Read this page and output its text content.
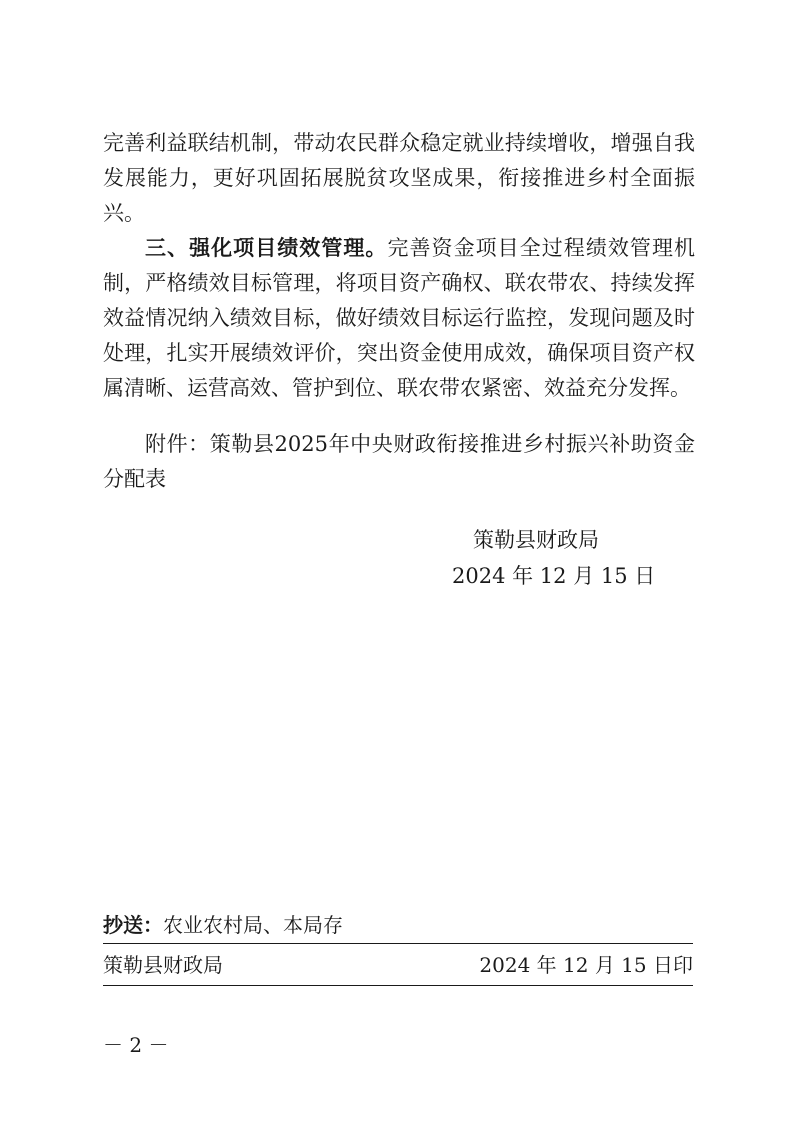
完善利益联结机制，带动农民群众稳定就业持续增收，增强自我发展能力，更好巩固拓展脱贫攻坚成果，衔接推进乡村全面振兴。

三、强化项目绩效管理。完善资金项目全过程绩效管理机制，严格绩效目标管理，将项目资产确权、联农带农、持续发挥效益情况纳入绩效目标，做好绩效目标运行监控，发现问题及时处理，扎实开展绩效评价，突出资金使用成效，确保项目资产权属清晰、运营高效、管护到位、联农带农紧密、效益充分发挥。

附件：策勒县2025年中央财政衔接推进乡村振兴补助资金分配表

策勒县财政局
2024 年 12 月 15 日
抄送：农业农村局、本局存
策勒县财政局	2024 年 12 月 15 日印
－ 2 －
